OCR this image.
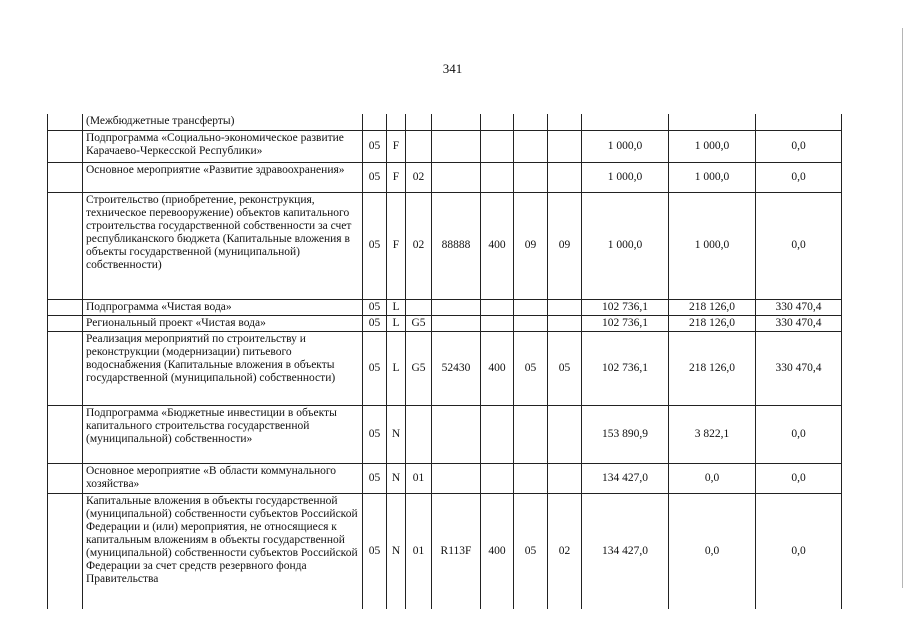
341
	(Межбюджетные трансферты)										
	Подпрограмма «Социально-экономическое развитие Карачаево-Черкесской Республики»	05	F						1 000,0	1 000,0	0,0
	Основное мероприятие «Развитие здравоохранения»	05	F	02					1 000,0	1 000,0	0,0
	Строительство (приобретение, реконструкция, техническое перевооружение) объектов капитального строительства государственной собственности за счет республиканского бюджета (Капитальные вложения в объекты государственной (муниципальной) собственности)	05	F	02	88888	400	09	09	1 000,0	1 000,0	0,0
	Подпрограмма «Чистая вода»	05	L						102 736,1	218 126,0	330 470,4
	Региональный проект «Чистая вода»	05	L	G5					102 736,1	218 126,0	330 470,4
	Реализация мероприятий по строительству и реконструкции (модернизации) питьевого водоснабжения (Капитальные вложения в объекты государственной (муниципальной) собственности)	05	L	G5	52430	400	05	05	102 736,1	218 126,0	330 470,4
	Подпрограмма «Бюджетные инвестиции в объекты капитального строительства государственной (муниципальной) собственности»	05	N						153 890,9	3 822,1	0,0
	Основное мероприятие «В области коммунального хозяйства»	05	N	01					134 427,0	0,0	0,0
	Капитальные вложения в объекты государственной (муниципальной) собственности субъектов Российской Федерации и (или) мероприятия, не относящиеся к капитальным вложениям в объекты государственной (муниципальной) собственности субъектов Российской Федерации за счет средств резервного фонда Правительства	05	N	01	R113F	400	05	02	134 427,0	0,0	0,0
